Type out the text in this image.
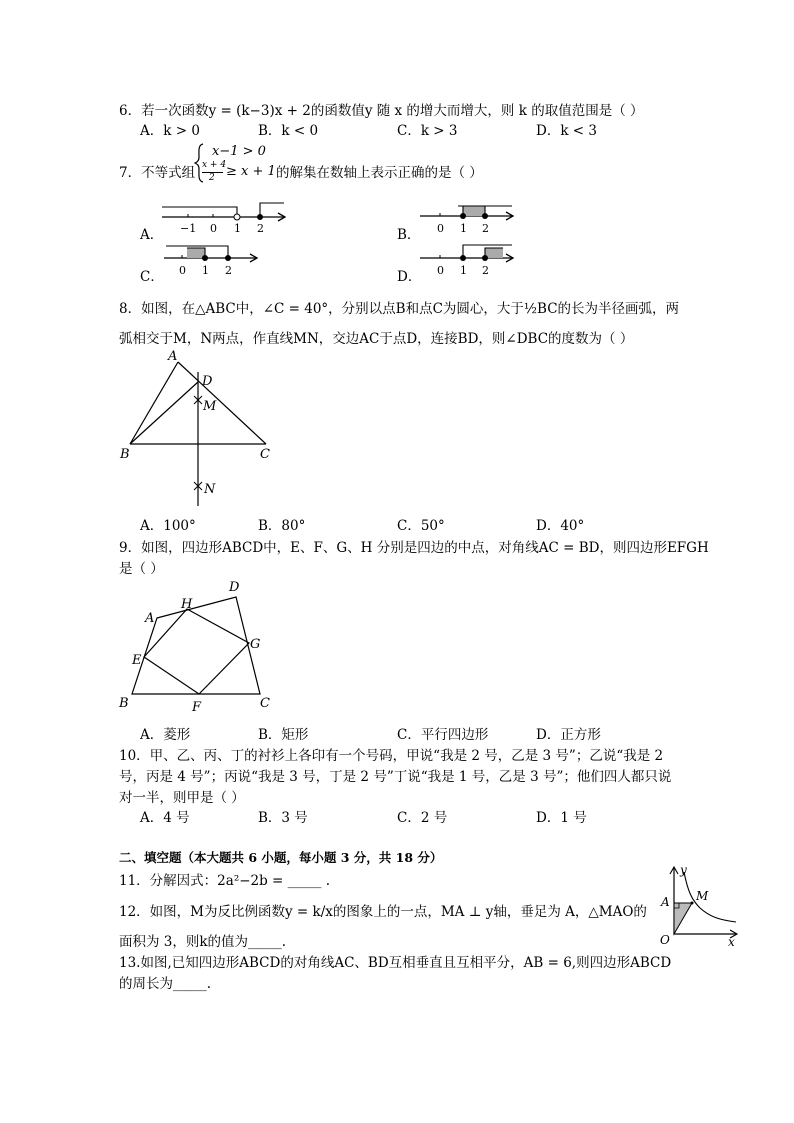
6．若一次函数y = (k−3)x + 2的函数值y 随 x 的增大而增大，则 k 的取值范围是（ ）
A．k > 0	B．k < 0	C．k > 3	D．k < 3
7．不等式组
x−1 > 0
x + 4
2 ≥ x + 1 的解集在数轴上表示正确的是（ ）
A． −1 0 1 2	B． 0 1 2
C． 0 1 2	D． 0 1 2
8．如图，在△ABC中，∠C = 40°，分别以点B和点C为圆心，大于½BC的长为半径画弧，两
弧相交于M，N两点，作直线MN，交边AC于点D，连接BD，则∠DBC的度数为（ ）
A
D
M
B	C
N
A．100°	B．80°	C．50°	D．40°
9．如图，四边形ABCD中，E、F、G、H 分别是四边的中点，对角线AC = BD，则四边形EFGH
是（ ）
D
A
H
G
E
B	F	C
A．菱形	B．矩形	C．平行四边形	D．正方形
10．甲、乙、丙、丁的衬衫上各印有一个号码，甲说“我是 2 号，乙是 3 号”；乙说“我是 2
号，丙是 4 号”；丙说“我是 3 号，丁是 2 号”丁说“我是 1 号，乙是 3 号”；他们四人都只说
对一半，则甲是（ ）
A．4 号	B．3 号	C．2 号	D．1 号
二、填空题（本大题共 6 小题，每小题 3 分，共 18 分）
11．分解因式：2a²−2b = _____ .
12．如图，M为反比例函数y = k/x的图象上的一点，MA ⊥ y轴，垂足为 A，△MAO的
面积为 3，则k的值为_____.
y
A M
O	x
13.如图,已知四边形ABCD的对角线AC、BD互相垂直且互相平分，AB = 6,则四边形ABCD
的周长为_____.
